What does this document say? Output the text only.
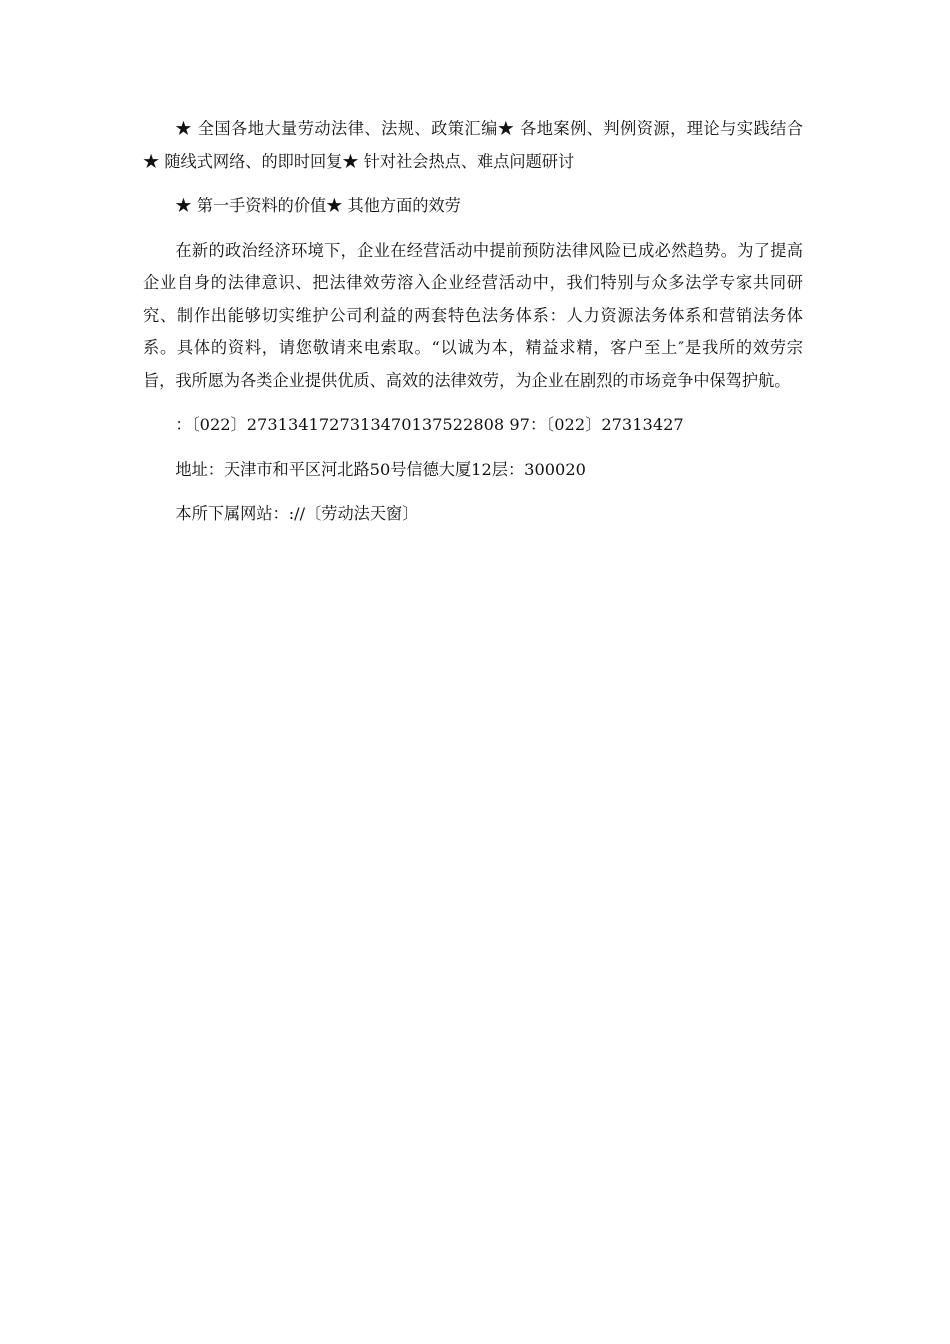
★ 全国各地大量劳动法律、法规、政策汇编★ 各地案例、判例资源，理论与实践结合 ★ 随线式网络、的即时回复★ 针对社会热点、难点问题研讨

★ 第一手资料的价值★ 其他方面的效劳

在新的政治经济环境下，企业在经营活动中提前预防法律风险已成必然趋势。为了提高企业自身的法律意识、把法律效劳溶入企业经营活动中，我们特别与众多法学专家共同研究、制作出能够切实维护公司利益的两套特色法务体系：人力资源法务体系和营销法务体系。具体的资料，请您敬请来电索取。“以诚为本，精益求精，客户至上″是我所的效劳宗旨，我所愿为各类企业提供优质、高效的法律效劳，为企业在剧烈的市场竞争中保驾护航。

：〔022〕2731341727313470137522808 97：〔022〕27313427

地址：天津市和平区河北路50号信德大厦12层：300020

本所下属网站：://〔劳动法天窗〕
